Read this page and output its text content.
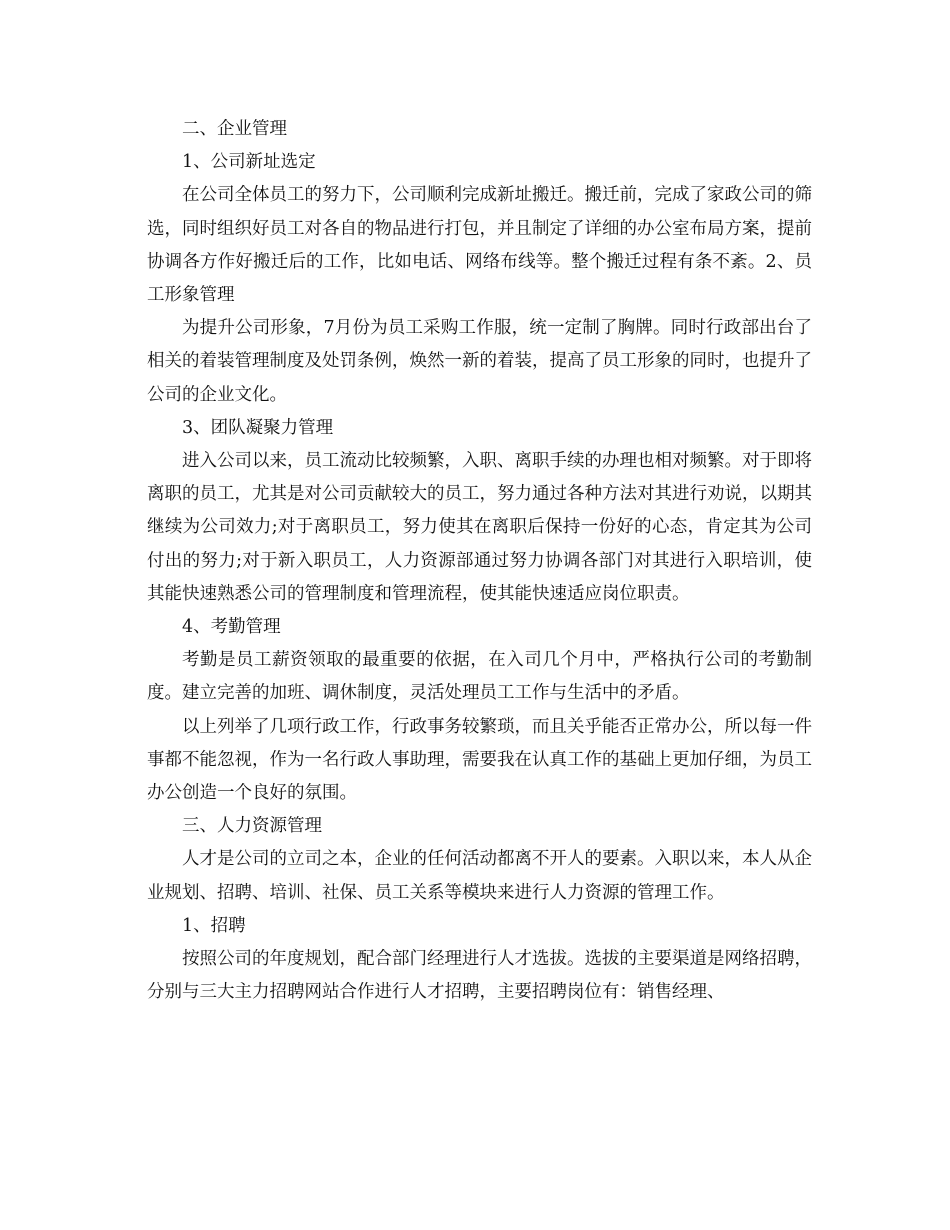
二、企业管理

1、公司新址选定

在公司全体员工的努力下，公司顺利完成新址搬迁。搬迁前，完成了家政公司的筛选，同时组织好员工对各自的物品进行打包，并且制定了详细的办公室布局方案，提前协调各方作好搬迁后的工作，比如电话、网络布线等。整个搬迁过程有条不紊。2、员工形象管理

为提升公司形象，7月份为员工采购工作服，统一定制了胸牌。同时行政部出台了相关的着装管理制度及处罚条例，焕然一新的着装，提高了员工形象的同时，也提升了公司的企业文化。

3、团队凝聚力管理

进入公司以来，员工流动比较频繁，入职、离职手续的办理也相对频繁。对于即将离职的员工，尤其是对公司贡献较大的员工，努力通过各种方法对其进行劝说，以期其继续为公司效力;对于离职员工，努力使其在离职后保持一份好的心态，肯定其为公司付出的努力;对于新入职员工，人力资源部通过努力协调各部门对其进行入职培训，使其能快速熟悉公司的管理制度和管理流程，使其能快速适应岗位职责。

4、考勤管理

考勤是员工薪资领取的最重要的依据，在入司几个月中，严格执行公司的考勤制度。建立完善的加班、调休制度，灵活处理员工工作与生活中的矛盾。

以上列举了几项行政工作，行政事务较繁琐，而且关乎能否正常办公，所以每一件事都不能忽视，作为一名行政人事助理，需要我在认真工作的基础上更加仔细，为员工办公创造一个良好的氛围。

三、人力资源管理

人才是公司的立司之本，企业的任何活动都离不开人的要素。入职以来，本人从企业规划、招聘、培训、社保、员工关系等模块来进行人力资源的管理工作。

1、招聘

按照公司的年度规划，配合部门经理进行人才选拔。选拔的主要渠道是网络招聘，分别与三大主力招聘网站合作进行人才招聘，主要招聘岗位有：销售经理、
